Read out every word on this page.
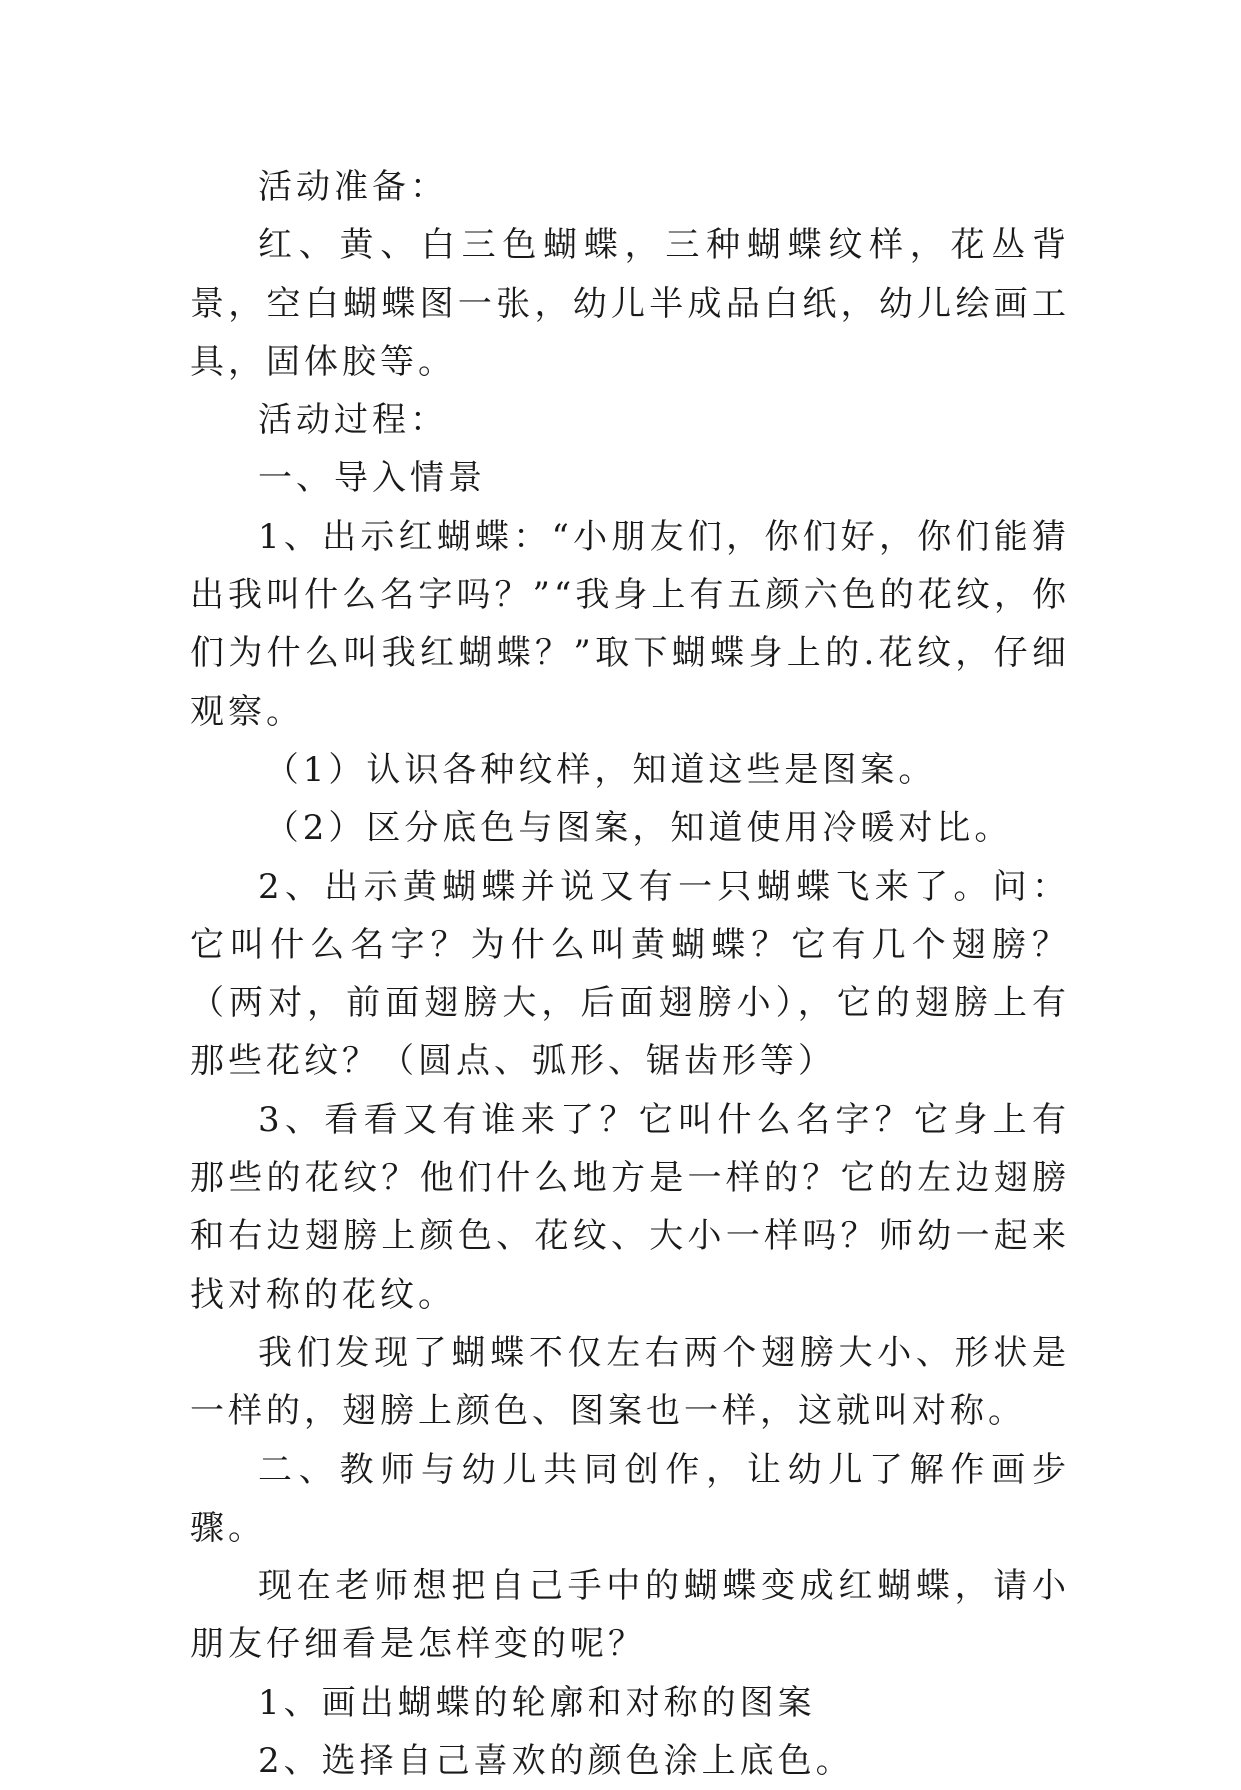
活动准备：

红、黄、白三色蝴蝶，三种蝴蝶纹样，花丛背景，空白蝴蝶图一张，幼儿半成品白纸，幼儿绘画工具，固体胶等。

活动过程：

一、导入情景

1、出示红蝴蝶：“小朋友们，你们好，你们能猜出我叫什么名字吗？”“我身上有五颜六色的花纹，你们为什么叫我红蝴蝶？”取下蝴蝶身上的.花纹，仔细观察。

（1）认识各种纹样，知道这些是图案。

（2）区分底色与图案，知道使用冷暖对比。

2、出示黄蝴蝶并说又有一只蝴蝶飞来了。问：它叫什么名字？为什么叫黄蝴蝶？它有几个翅膀？（两对，前面翅膀大，后面翅膀小），它的翅膀上有那些花纹？（圆点、弧形、锯齿形等）

3、看看又有谁来了？它叫什么名字？它身上有那些的花纹？他们什么地方是一样的？它的左边翅膀和右边翅膀上颜色、花纹、大小一样吗？师幼一起来找对称的花纹。

我们发现了蝴蝶不仅左右两个翅膀大小、形状是一样的，翅膀上颜色、图案也一样，这就叫对称。

二、教师与幼儿共同创作，让幼儿了解作画步骤。

现在老师想把自己手中的蝴蝶变成红蝴蝶，请小朋友仔细看是怎样变的呢？

1、画出蝴蝶的轮廓和对称的图案

2、选择自己喜欢的颜色涂上底色。
